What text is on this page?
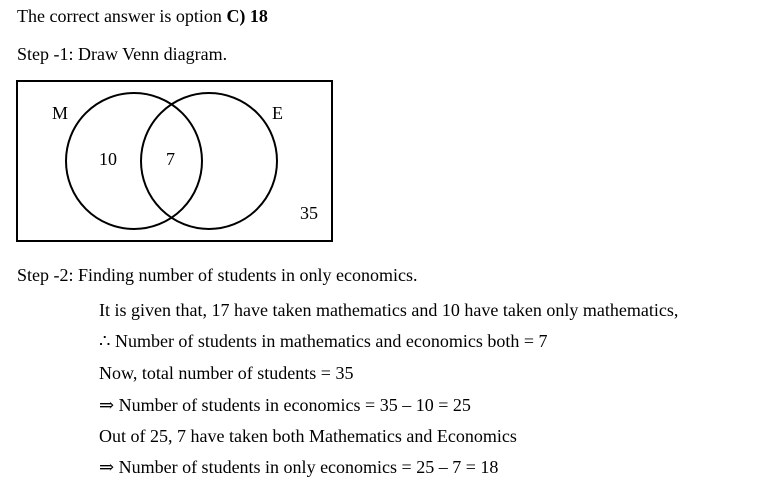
The correct answer is option C) 18
Step -1: Draw Venn diagram.
M	E
10	7
35
Step -2: Finding number of students in only economics.
It is given that, 17 have taken mathematics and 10 have taken only mathematics,
∴ Number of students in mathematics and economics both = 7
Now, total number of students = 35
⇒ Number of students in economics = 35 – 10 = 25
Out of 25, 7 have taken both Mathematics and Economics
⇒ Number of students in only economics = 25 – 7 = 18
